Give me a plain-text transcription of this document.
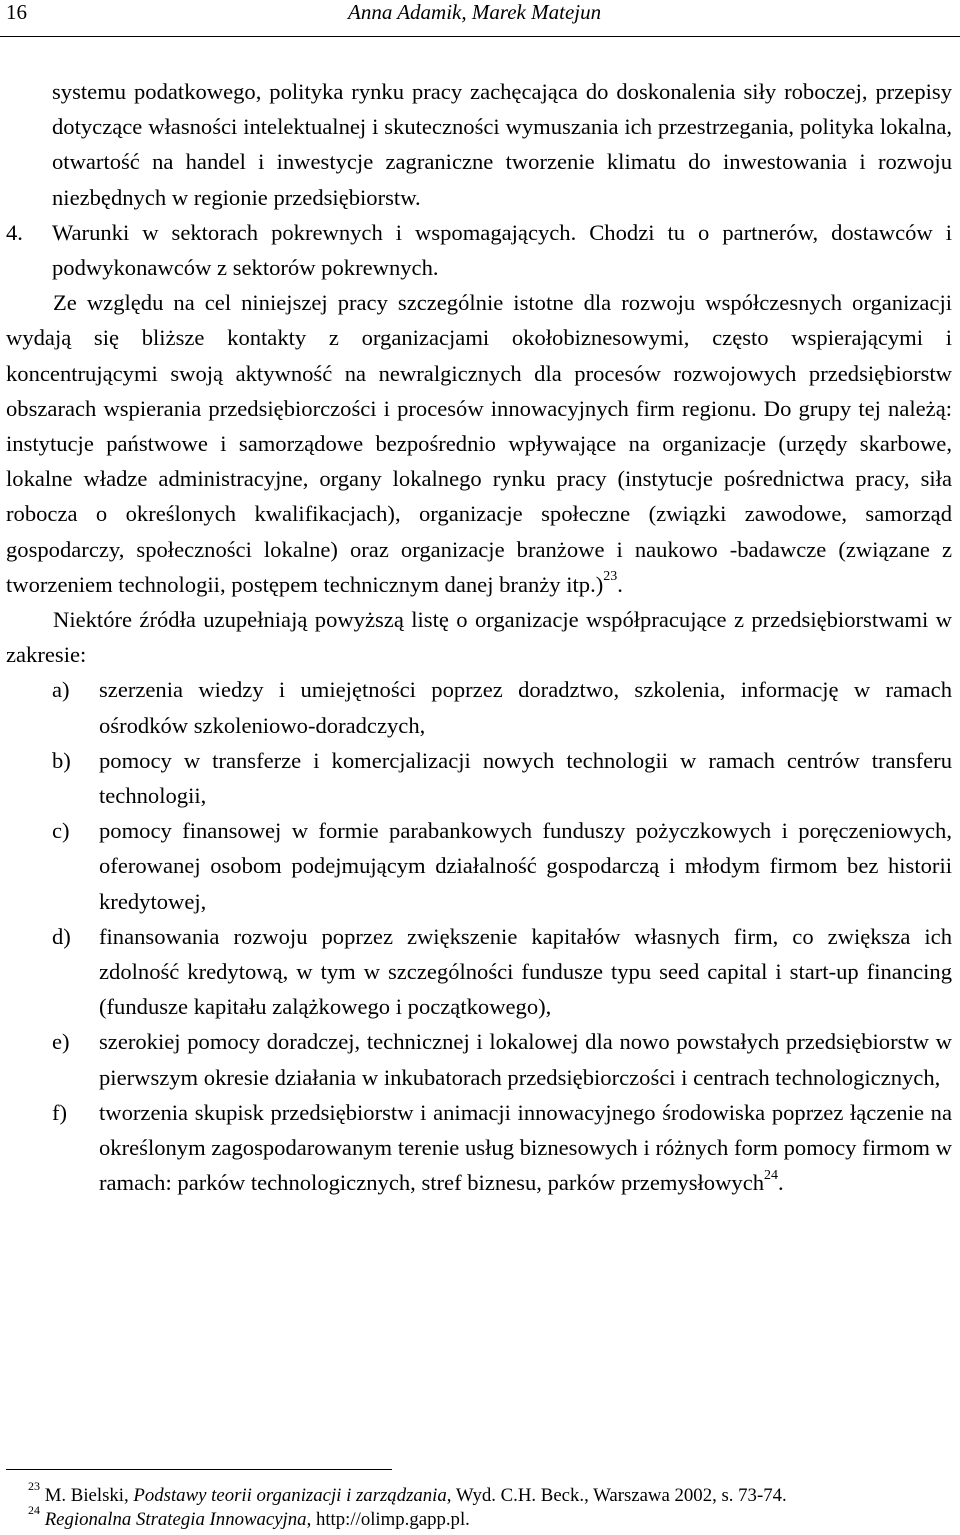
16	Anna Adamik, Marek Matejun

systemu podatkowego, polityka rynku pracy zachęcająca do doskonalenia siły roboczej, przepisy dotyczące własności intelektualnej i skuteczności wymuszania ich przestrzegania, polityka lokalna, otwartość na handel i inwestycje zagraniczne tworzenie klimatu do inwestowania i rozwoju niezbędnych w regionie przedsiębiorstw.

4. Warunki w sektorach pokrewnych i wspomagających. Chodzi tu o partnerów, dostawców i podwykonawców z sektorów pokrewnych.

Ze względu na cel niniejszej pracy szczególnie istotne dla rozwoju współczesnych organizacji wydają się bliższe kontakty z organizacjami okołobiznesowymi, często wspierającymi i koncentrującymi swoją aktywność na newralgicznych dla procesów rozwojowych przedsiębiorstw obszarach wspierania przedsiębiorczości i procesów innowacyjnych firm regionu. Do grupy tej należą: instytucje państwowe i samorządowe bezpośrednio wpływające na organizacje (urzędy skarbowe, lokalne władze administracyjne, organy lokalnego rynku pracy (instytucje pośrednictwa pracy, siła robocza o określonych kwalifikacjach), organizacje społeczne (związki zawodowe, samorząd gospodarczy, społeczności lokalne) oraz organizacje branżowe i naukowo -badawcze (związane z tworzeniem technologii, postępem technicznym danej branży itp.)$^{23}$.

Niektóre źródła uzupełniają powyższą listę o organizacje współpracujące z przedsiębiorstwami w zakresie:

a) szerzenia wiedzy i umiejętności poprzez doradztwo, szkolenia, informację w ramach ośrodków szkoleniowo-doradczych,

b) pomocy w transferze i komercjalizacji nowych technologii w ramach centrów transferu technologii,

c) pomocy finansowej w formie parabankowych funduszy pożyczkowych i poręczeniowych, oferowanej osobom podejmującym działalność gospodarczą i młodym firmom bez historii kredytowej,

d) finansowania rozwoju poprzez zwiększenie kapitałów własnych firm, co zwiększa ich zdolność kredytową, w tym w szczególności fundusze typu seed capital i start-up financing (fundusze kapitału zalążkowego i początkowego),

e) szerokiej pomocy doradczej, technicznej i lokalowej dla nowo powstałych przedsiębiorstw w pierwszym okresie działania w inkubatorach przedsiębiorczości i centrach technologicznych,

f) tworzenia skupisk przedsiębiorstw i animacji innowacyjnego środowiska poprzez łączenie na określonym zagospodarowanym terenie usług biznesowych i różnych form pomocy firmom w ramach: parków technologicznych, stref biznesu, parków przemysłowych$^{24}$.

$^{23}$ M. Bielski, Podstawy teorii organizacji i zarządzania, Wyd. C.H. Beck., Warszawa 2002, s. 73-74.

$^{24}$ Regionalna Strategia Innowacyjna, http://olimp.gapp.pl.
